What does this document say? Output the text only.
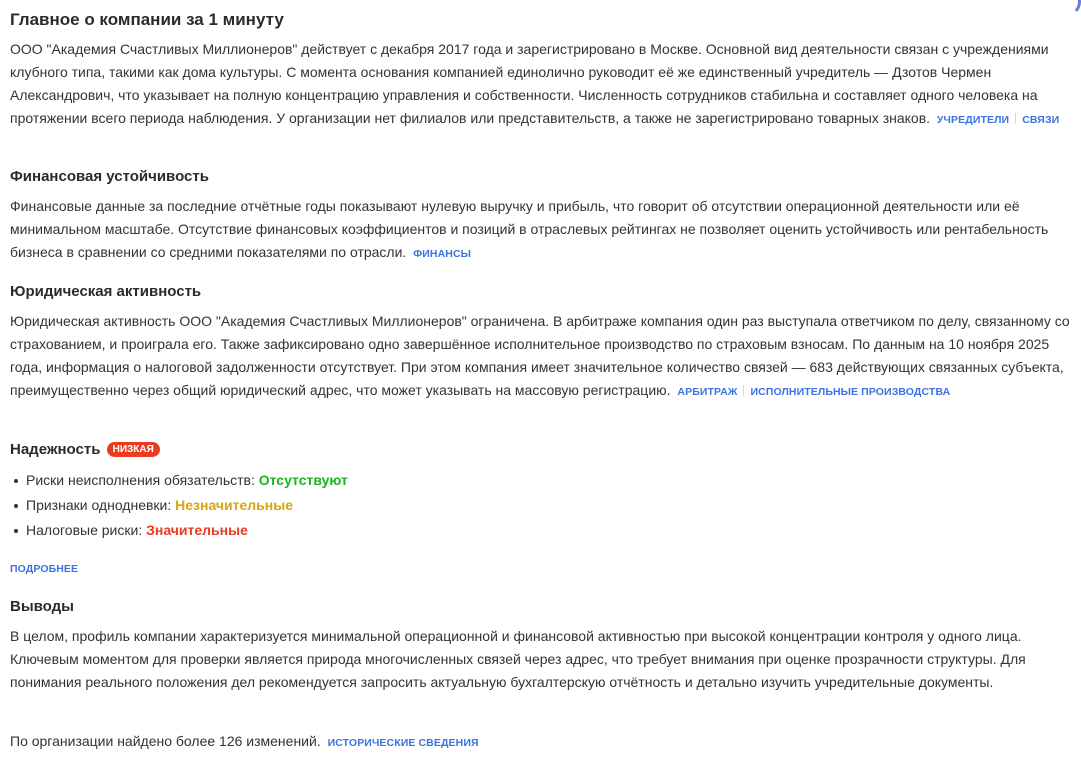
Главное о компании за 1 минуту

ООО "Академия Счастливых Миллионеров" действует с декабря 2017 года и зарегистрировано в Москве. Основной вид деятельности связан с учреждениями клубного типа, такими как дома культуры. С момента основания компанией единолично руководит её же единственный учредитель — Дзотов Чермен Александрович, что указывает на полную концентрацию управления и собственности. Численность сотрудников стабильна и составляет одного человека на протяжении всего периода наблюдения. У организации нет филиалов или представительств, а также не зарегистрировано товарных знаков. УЧРЕДИТЕЛИ СВЯЗИ

Финансовая устойчивость

Финансовые данные за последние отчётные годы показывают нулевую выручку и прибыль, что говорит об отсутствии операционной деятельности или её минимальном масштабе. Отсутствие финансовых коэффициентов и позиций в отраслевых рейтингах не позволяет оценить устойчивость или рентабельность бизнеса в сравнении со средними показателями по отрасли. ФИНАНСЫ

Юридическая активность

Юридическая активность ООО "Академия Счастливых Миллионеров" ограничена. В арбитраже компания один раз выступала ответчиком по делу, связанному со страхованием, и проиграла его. Также зафиксировано одно завершённое исполнительное производство по страховым взносам. По данным на 10 ноября 2025 года, информация о налоговой задолженности отсутствует. При этом компания имеет значительное количество связей — 683 действующих связанных субъекта, преимущественно через общий юридический адрес, что может указывать на массовую регистрацию. АРБИТРАЖ ИСПОЛНИТЕЛЬНЫЕ ПРОИЗВОДСТВА

Надежность НИЗКАЯ
Риски неисполнения обязательств: Отсутствуют
Признаки однодневки: Незначительные
Налоговые риски: Значительные
ПОДРОБНЕЕ
Выводы

В целом, профиль компании характеризуется минимальной операционной и финансовой активностью при высокой концентрации контроля у одного лица. Ключевым моментом для проверки является природа многочисленных связей через адрес, что требует внимания при оценке прозрачности структуры. Для понимания реального положения дел рекомендуется запросить актуальную бухгалтерскую отчётность и детально изучить учредительные документы.

По организации найдено более 126 изменений. ИСТОРИЧЕСКИЕ СВЕДЕНИЯ
